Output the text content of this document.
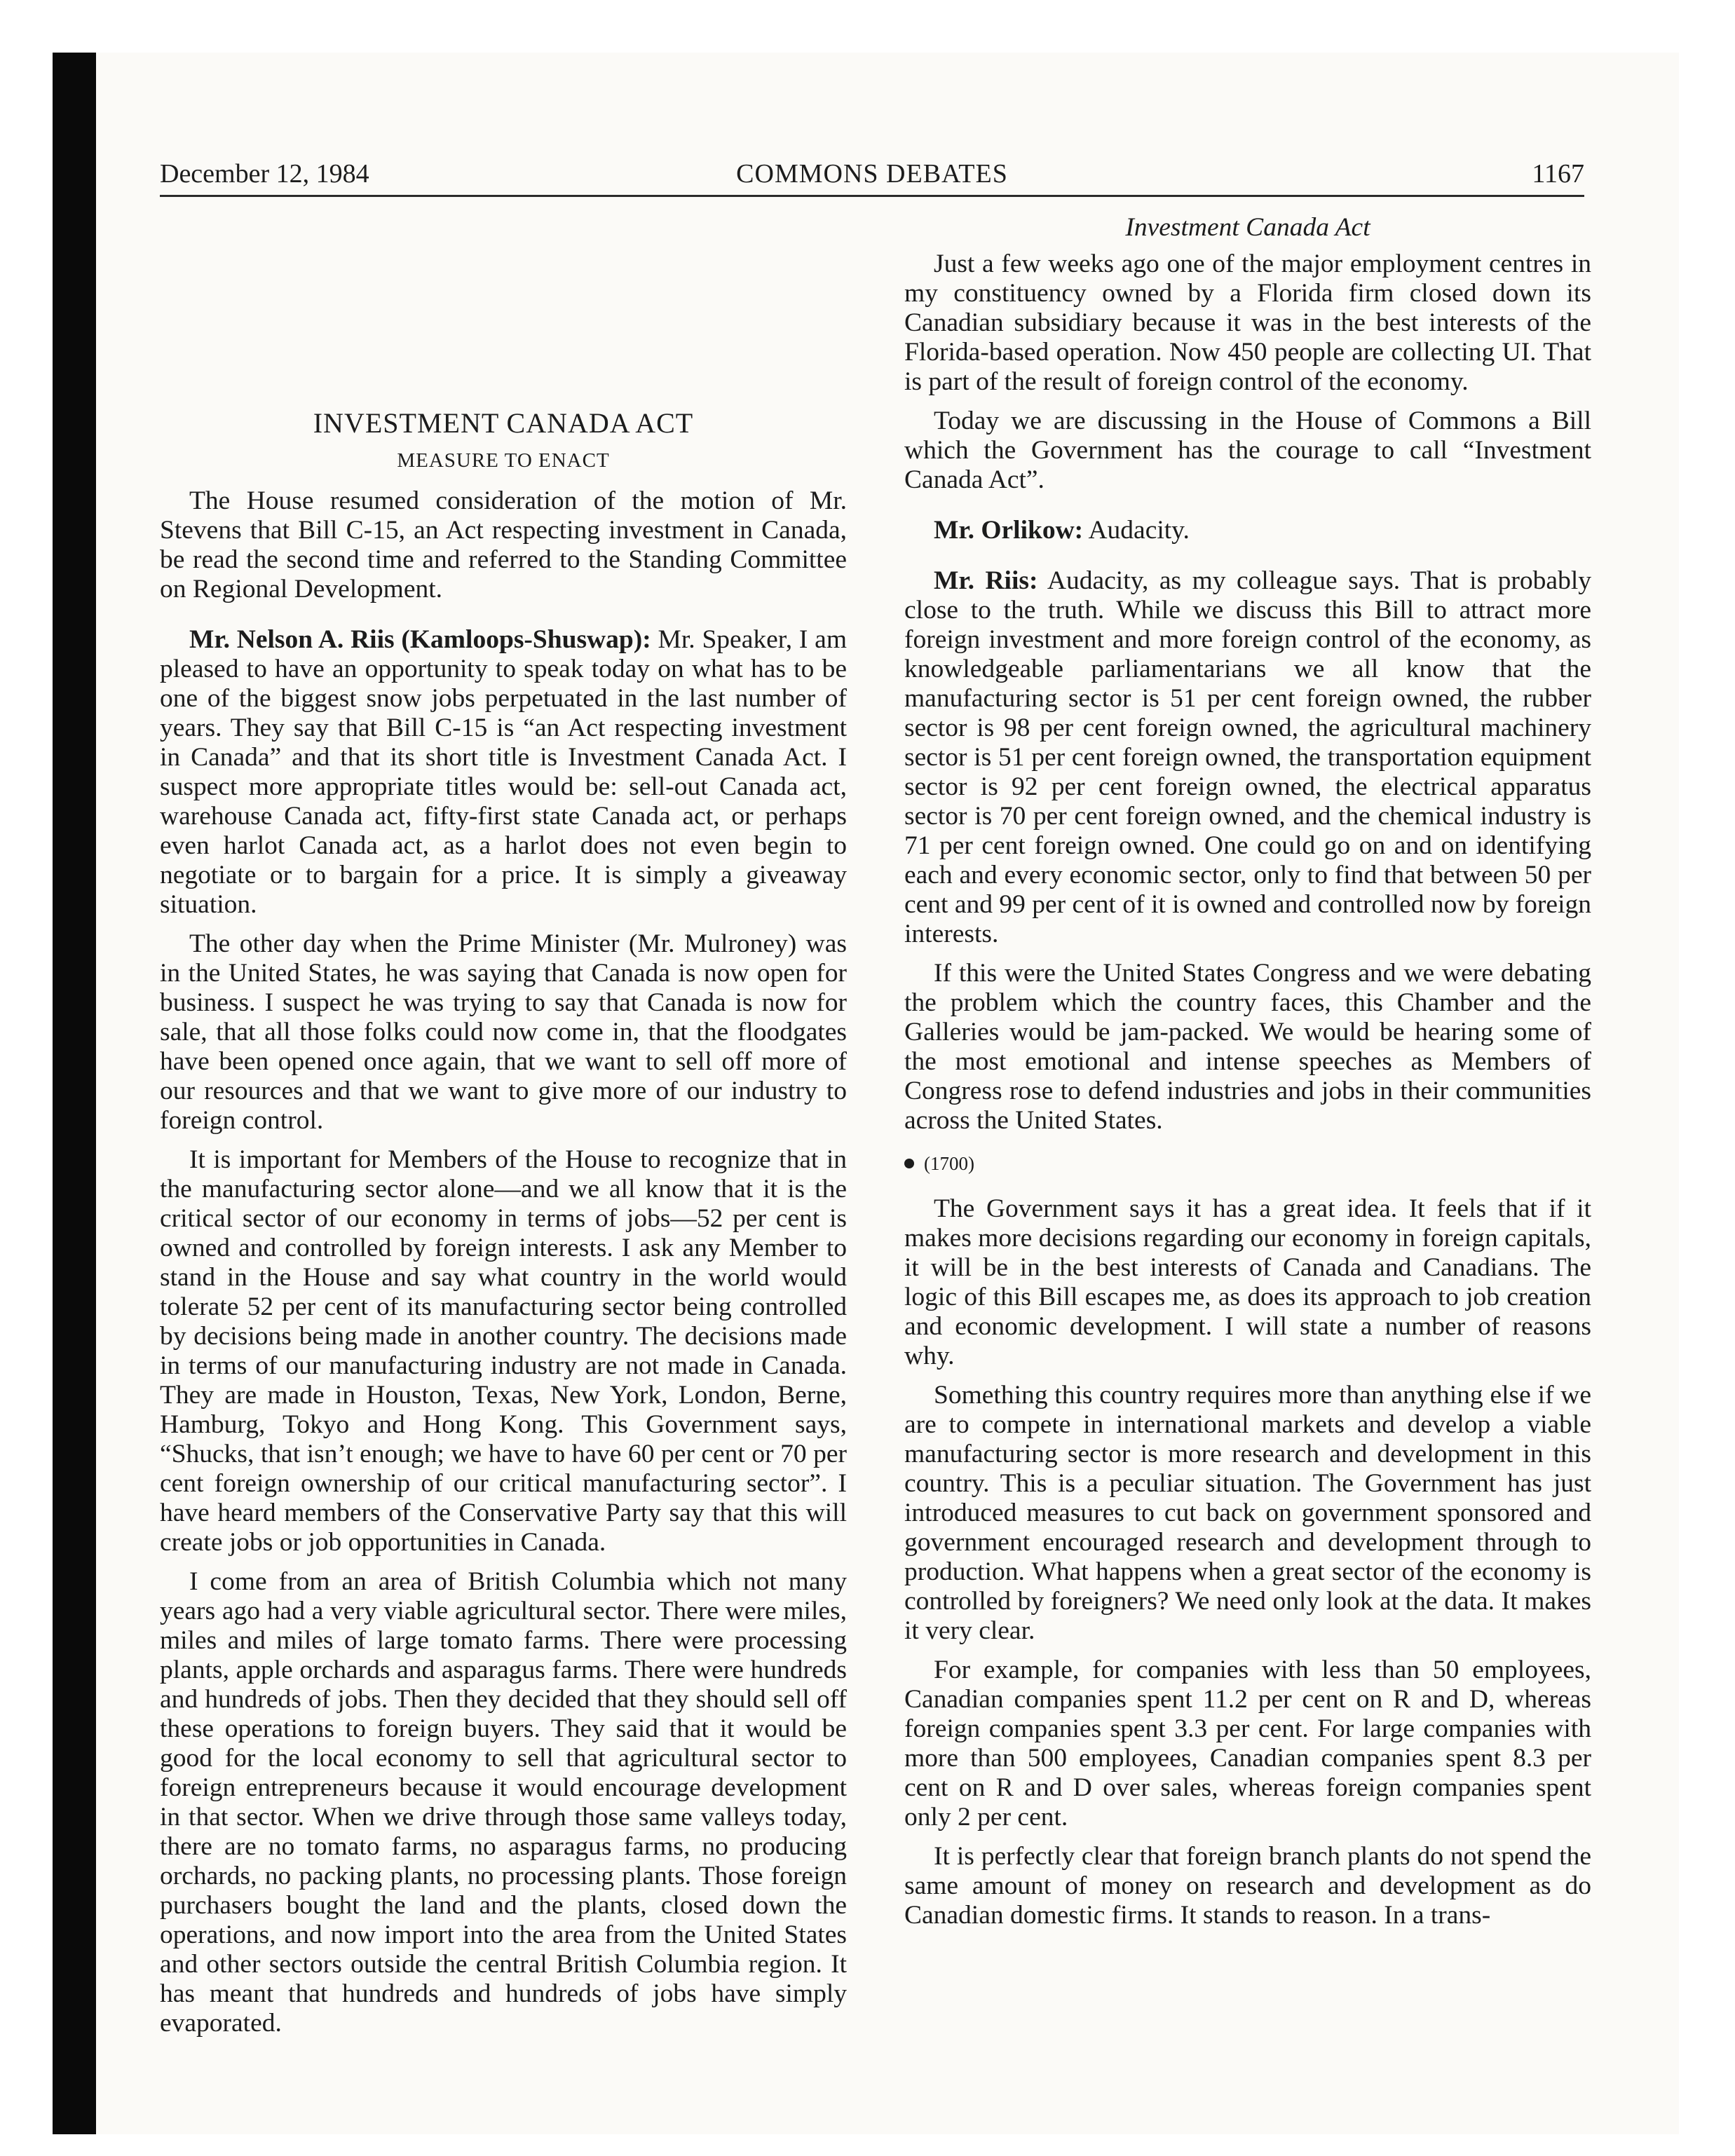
December 12, 1984	COMMONS DEBATES	1167
INVESTMENT CANADA ACT
MEASURE TO ENACT

The House resumed consideration of the motion of Mr. Stevens that Bill C-15, an Act respecting investment in Canada, be read the second time and referred to the Standing Committee on Regional Development.

Mr. Nelson A. Riis (Kamloops-Shuswap): Mr. Speaker, I am pleased to have an opportunity to speak today on what has to be one of the biggest snow jobs perpetuated in the last number of years. They say that Bill C-15 is “an Act respecting investment in Canada” and that its short title is Investment Canada Act. I suspect more appropriate titles would be: sell-out Canada act, warehouse Canada act, fifty-first state Canada act, or perhaps even harlot Canada act, as a harlot does not even begin to negotiate or to bargain for a price. It is simply a giveaway situation.

The other day when the Prime Minister (Mr. Mulroney) was in the United States, he was saying that Canada is now open for business. I suspect he was trying to say that Canada is now for sale, that all those folks could now come in, that the floodgates have been opened once again, that we want to sell off more of our resources and that we want to give more of our industry to foreign control.

It is important for Members of the House to recognize that in the manufacturing sector alone—and we all know that it is the critical sector of our economy in terms of jobs—52 per cent is owned and controlled by foreign interests. I ask any Member to stand in the House and say what country in the world would tolerate 52 per cent of its manufacturing sector being controlled by decisions being made in another country. The decisions made in terms of our manufacturing industry are not made in Canada. They are made in Houston, Texas, New York, London, Berne, Hamburg, Tokyo and Hong Kong. This Government says, “Shucks, that isn’t enough; we have to have 60 per cent or 70 per cent foreign ownership of our critical manufacturing sector”. I have heard members of the Conservative Party say that this will create jobs or job opportunities in Canada.

I come from an area of British Columbia which not many years ago had a very viable agricultural sector. There were miles, miles and miles of large tomato farms. There were processing plants, apple orchards and asparagus farms. There were hundreds and hundreds of jobs. Then they decided that they should sell off these operations to foreign buyers. They said that it would be good for the local economy to sell that agricultural sector to foreign entrepreneurs because it would encourage development in that sector. When we drive through those same valleys today, there are no tomato farms, no asparagus farms, no producing orchards, no packing plants, no processing plants. Those foreign purchasers bought the land and the plants, closed down the operations, and now import into the area from the United States and other sectors outside the central British Columbia region. It has meant that hundreds and hundreds of jobs have simply evaporated.

Investment Canada Act

Just a few weeks ago one of the major employment centres in my constituency owned by a Florida firm closed down its Canadian subsidiary because it was in the best interests of the Florida-based operation. Now 450 people are collecting UI. That is part of the result of foreign control of the economy.

Today we are discussing in the House of Commons a Bill which the Government has the courage to call “Investment Canada Act”.

Mr. Orlikow: Audacity.

Mr. Riis: Audacity, as my colleague says. That is probably close to the truth. While we discuss this Bill to attract more foreign investment and more foreign control of the economy, as knowledgeable parliamentarians we all know that the manufacturing sector is 51 per cent foreign owned, the rubber sector is 98 per cent foreign owned, the agricultural machinery sector is 51 per cent foreign owned, the transportation equipment sector is 92 per cent foreign owned, the electrical apparatus sector is 70 per cent foreign owned, and the chemical industry is 71 per cent foreign owned. One could go on and on identifying each and every economic sector, only to find that between 50 per cent and 99 per cent of it is owned and controlled now by foreign interests.

If this were the United States Congress and we were debating the problem which the country faces, this Chamber and the Galleries would be jam-packed. We would be hearing some of the most emotional and intense speeches as Members of Congress rose to defend industries and jobs in their communities across the United States.

(1700)

The Government says it has a great idea. It feels that if it makes more decisions regarding our economy in foreign capitals, it will be in the best interests of Canada and Canadians. The logic of this Bill escapes me, as does its approach to job creation and economic development. I will state a number of reasons why.

Something this country requires more than anything else if we are to compete in international markets and develop a viable manufacturing sector is more research and development in this country. This is a peculiar situation. The Government has just introduced measures to cut back on government sponsored and government encouraged research and development through to production. What happens when a great sector of the economy is controlled by foreigners? We need only look at the data. It makes it very clear.

For example, for companies with less than 50 employees, Canadian companies spent 11.2 per cent on R and D, whereas foreign companies spent 3.3 per cent. For large companies with more than 500 employees, Canadian companies spent 8.3 per cent on R and D over sales, whereas foreign companies spent only 2 per cent.

It is perfectly clear that foreign branch plants do not spend the same amount of money on research and development as do Canadian domestic firms. It stands to reason. In a trans-
